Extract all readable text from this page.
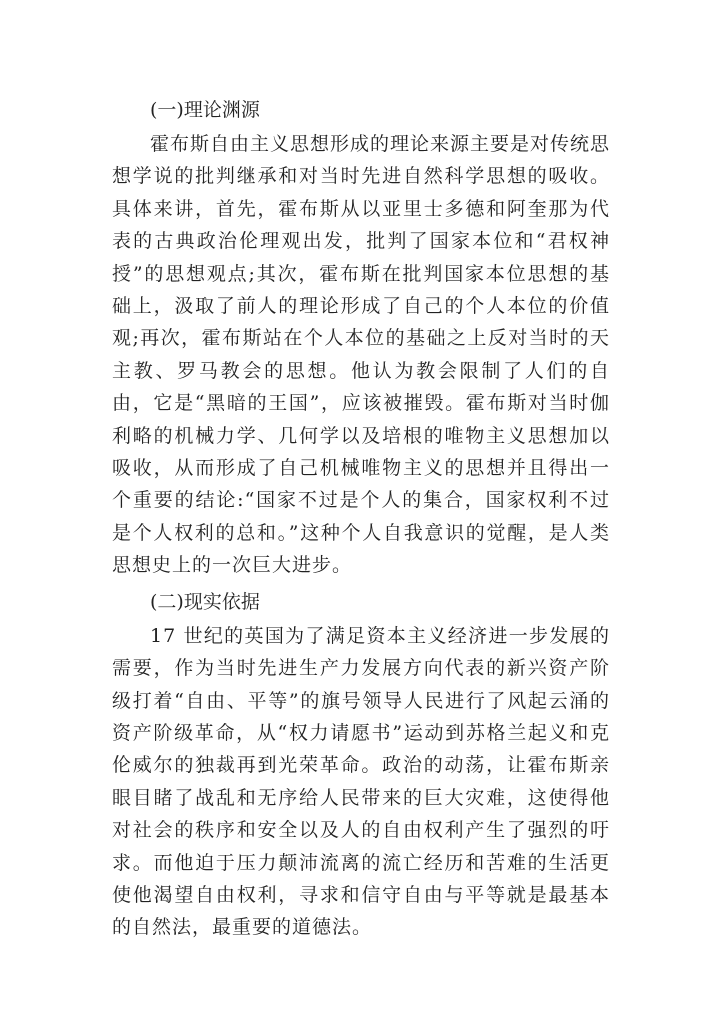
(一)理论渊源

霍布斯自由主义思想形成的理论来源主要是对传统思想学说的批判继承和对当时先进自然科学思想的吸收。具体来讲，首先，霍布斯从以亚里士多德和阿奎那为代表的古典政治伦理观出发，批判了国家本位和“君权神授”的思想观点;其次，霍布斯在批判国家本位思想的基础上，汲取了前人的理论形成了自己的个人本位的价值观;再次，霍布斯站在个人本位的基础之上反对当时的天主教、罗马教会的思想。他认为教会限制了人们的自由，它是“黑暗的王国”，应该被摧毁。霍布斯对当时伽利略的机械力学、几何学以及培根的唯物主义思想加以吸收，从而形成了自己机械唯物主义的思想并且得出一个重要的结论:“国家不过是个人的集合，国家权利不过是个人权利的总和。”这种个人自我意识的觉醒，是人类思想史上的一次巨大进步。

(二)现实依据

17 世纪的英国为了满足资本主义经济进一步发展的需要，作为当时先进生产力发展方向代表的新兴资产阶级打着“自由、平等”的旗号领导人民进行了风起云涌的资产阶级革命，从“权力请愿书”运动到苏格兰起义和克伦威尔的独裁再到光荣革命。政治的动荡，让霍布斯亲眼目睹了战乱和无序给人民带来的巨大灾难，这使得他对社会的秩序和安全以及人的自由权利产生了强烈的吁求。而他迫于压力颠沛流离的流亡经历和苦难的生活更使他渴望自由权利，寻求和信守自由与平等就是最基本的自然法，最重要的道德法。
